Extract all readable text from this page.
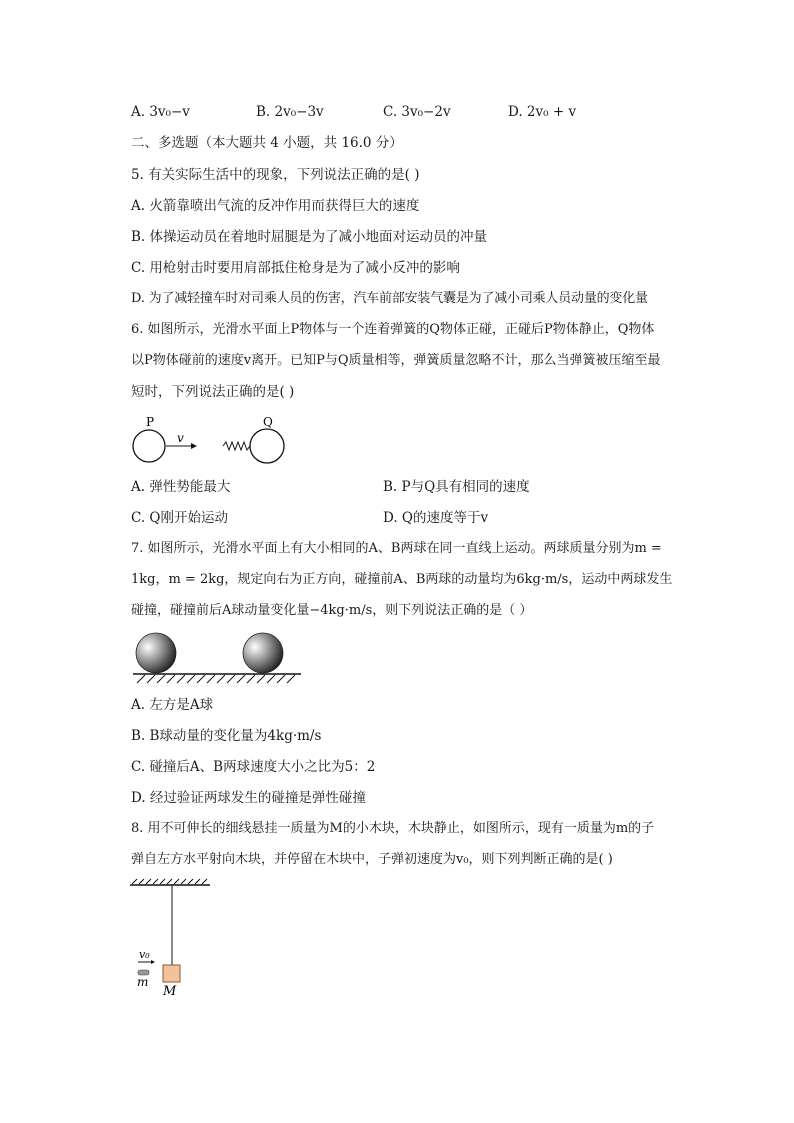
A. 3v₀−v	B. 2v₀−3v	C. 3v₀−2v	D. 2v₀ + v
二、多选题（本大题共 4 小题，共 16.0 分）
5. 有关实际生活中的现象，下列说法正确的是( )
A. 火箭靠喷出气流的反冲作用而获得巨大的速度
B. 体操运动员在着地时屈腿是为了减小地面对运动员的冲量
C. 用枪射击时要用肩部抵住枪身是为了减小反冲的影响
D. 为了减轻撞车时对司乘人员的伤害，汽车前部安装气囊是为了减小司乘人员动量的变化量
6. 如图所示，光滑水平面上P物体与一个连着弹簧的Q物体正碰，正碰后P物体静止，Q物体
以P物体碰前的速度v离开。已知P与Q质量相等，弹簧质量忽略不计，那么当弹簧被压缩至最
短时，下列说法正确的是( )
P
v
Q
A. 弹性势能最大	B. P与Q具有相同的速度
C. Q刚开始运动	D. Q的速度等于v
7. 如图所示，光滑水平面上有大小相同的A、B两球在同一直线上运动。两球质量分别为m =
1kg，m = 2kg，规定向右为正方向，碰撞前A、B两球的动量均为6kg·m/s，运动中两球发生
碰撞，碰撞前后A球动量变化量−4kg·m/s，则下列说法正确的是（ ）
A. 左方是A球
B. B球动量的变化量为4kg·m/s
C. 碰撞后A、B两球速度大小之比为5：2
D. 经过验证两球发生的碰撞是弹性碰撞
8. 用不可伸长的细线悬挂一质量为M的小木块，木块静止，如图所示，现有一质量为m的子
弹自左方水平射向木块，并停留在木块中，子弹初速度为v₀，则下列判断正确的是( )
M
v₀
m
